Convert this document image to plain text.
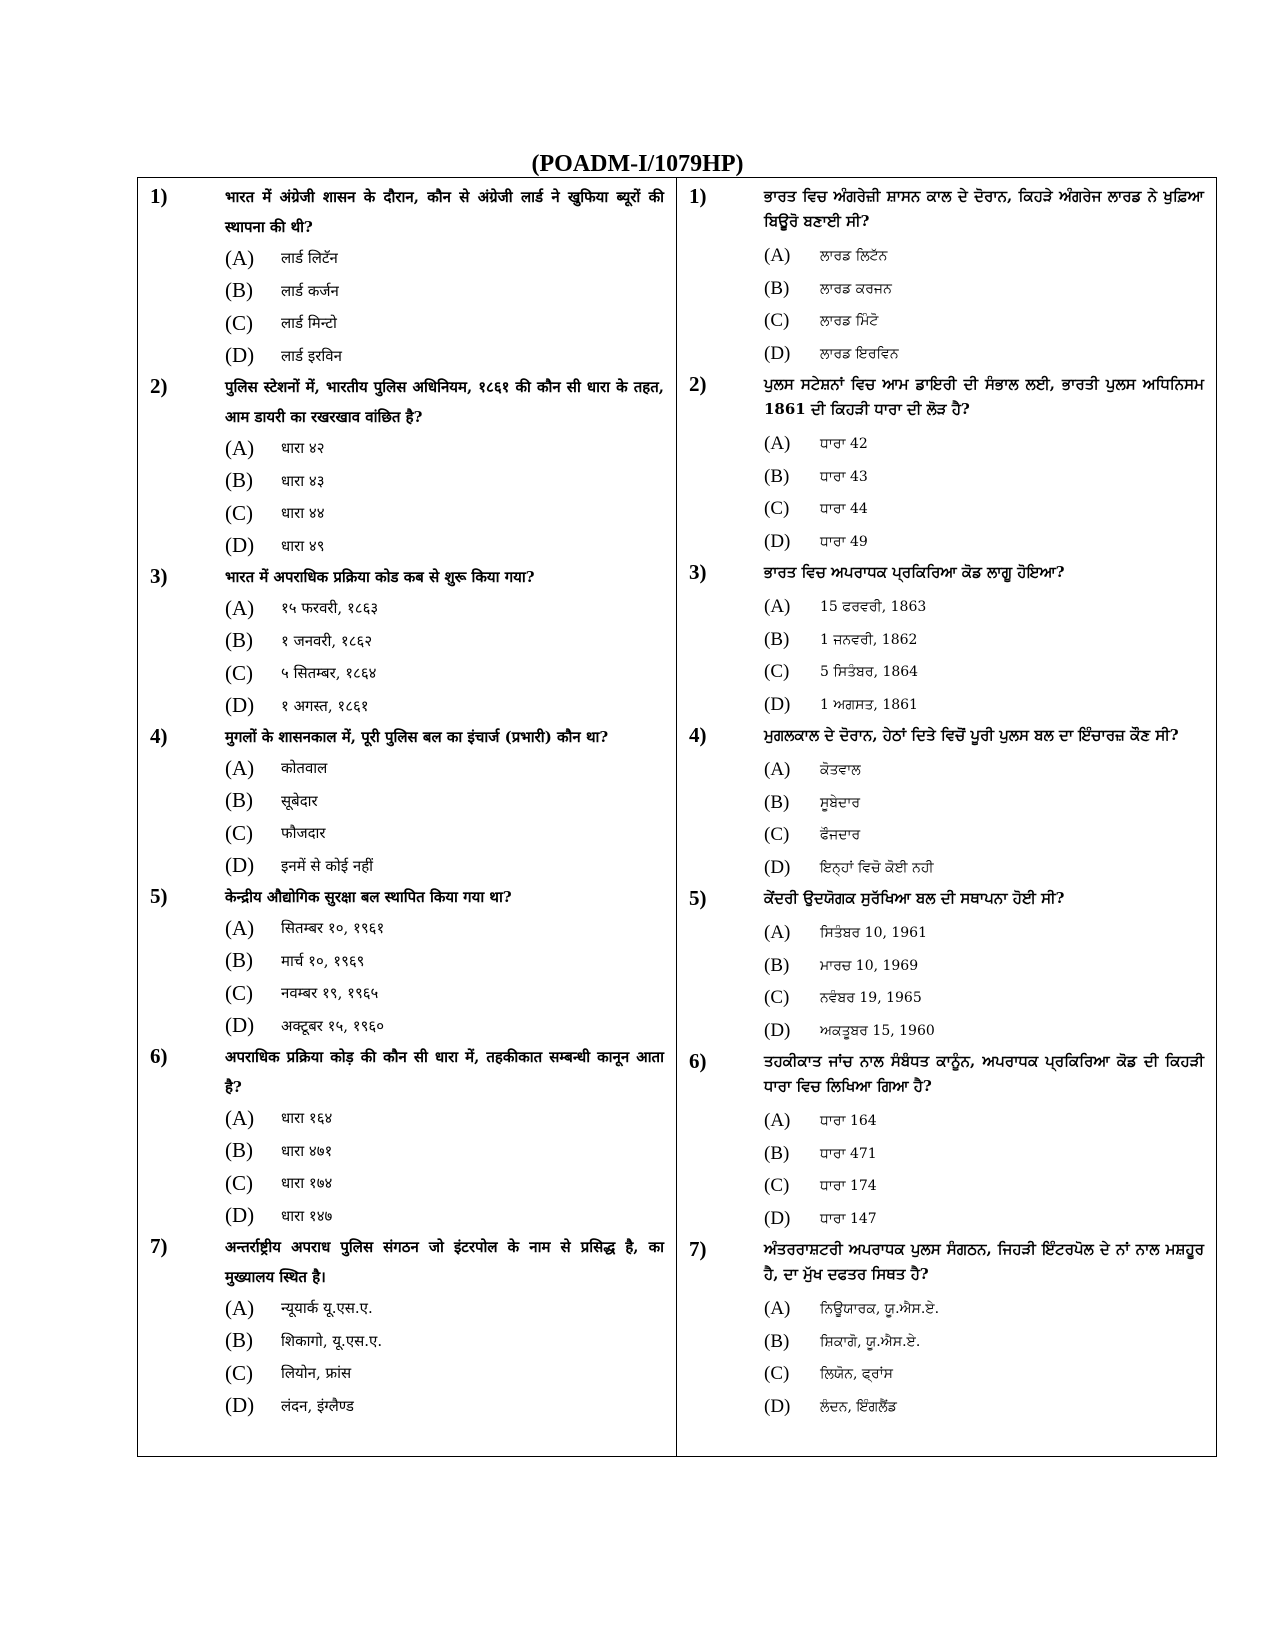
(POADM-I/1079HP)
1)	भारत में अंग्रेजी शासन के दौरान, कौन से अंग्रेजी लार्ड ने खुफिया ब्यूरों की स्थापना की थी?
(A)	लार्ड लिटॅन
(B)	लार्ड कर्जन
(C)	लार्ड मिन्टो
(D)	लार्ड इरविन
2)	पुलिस स्टेशनों में, भारतीय पुलिस अधिनियम, १८६१ की कौन सी धारा के तहत, आम डायरी का रखरखाव वांछित है?
(A)	धारा ४२
(B)	धारा ४३
(C)	धारा ४४
(D)	धारा ४९
3)	भारत में अपराधिक प्रक्रिया कोड कब से शुरू किया गया?
(A)	१५ फरवरी, १८६३
(B)	१ जनवरी, १८६२
(C)	५ सितम्बर, १८६४
(D)	१ अगस्त, १८६१
4)	मुगलों के शासनकाल में, पूरी पुलिस बल का इंचार्ज (प्रभारी) कौन था?
(A)	कोतवाल
(B)	सूबेदार
(C)	फौजदार
(D)	इनमें से कोई नहीं
5)	केन्द्रीय औद्योगिक सुरक्षा बल स्थापित किया गया था?
(A)	सितम्बर १०, १९६१
(B)	मार्च १०, १९६९
(C)	नवम्बर १९, १९६५
(D)	अक्टूबर १५, १९६०
6)	अपराधिक प्रक्रिया कोड़ की कौन सी धारा में, तहकीकात सम्बन्धी कानून आता है?
(A)	धारा १६४
(B)	धारा ४७१
(C)	धारा १७४
(D)	धारा १४७
7)	अन्तर्राष्ट्रीय अपराध पुलिस संगठन जो इंटरपोल के नाम से प्रसिद्ध है, का मुख्यालय स्थित है।
(A)	न्यूयार्क यू.एस.ए.
(B)	शिकागो, यू.एस.ए.
(C)	लियोन, फ्रांस
(D)	लंदन, इंग्लैण्ड
1)	ਭਾਰਤ ਵਿਚ ਅੰਗਰੇਜ਼ੀ ਸ਼ਾਸਨ ਕਾਲ ਦੇ ਦੋਰਾਨ, ਕਿਹੜੇ ਅੰਗਰੇਜ ਲਾਰਡ ਨੇ ਖੁਫ਼ਿਆ ਬਿਊਰੋ ਬਣਾਈ ਸੀ?
(A)	ਲਾਰਡ ਲਿਟੱਨ
(B)	ਲਾਰਡ ਕਰਜਨ
(C)	ਲਾਰਡ ਮਿੰਟੋ
(D)	ਲਾਰਡ ਇਰਵਿਨ
2)	ਪੁਲਸ ਸਟੇਸ਼ਨਾਂ ਵਿਚ ਆਮ ਡਾਇਰੀ ਦੀ ਸੰਭਾਲ ਲਈ, ਭਾਰਤੀ ਪੁਲਸ ਅਧਿਨਿਸਮ 1861 ਦੀ ਕਿਹੜੀ ਧਾਰਾ ਦੀ ਲੋੜ ਹੈ?
(A)	ਧਾਰਾ 42
(B)	ਧਾਰਾ 43
(C)	ਧਾਰਾ 44
(D)	ਧਾਰਾ 49
3)	ਭਾਰਤ ਵਿਚ ਅਪਰਾਧਕ ਪ੍ਰਕਿਰਿਆ ਕੋਡ ਲਾਗੂ ਹੋਇਆ?
(A)	15 ਫਰਵਰੀ, 1863
(B)	1 ਜਨਵਰੀ, 1862
(C)	5 ਸਿਤੰਬਰ, 1864
(D)	1 ਅਗਸਤ, 1861
4)	ਮੁਗਲਕਾਲ ਦੇ ਦੋਰਾਨ, ਹੇਠਾਂ ਦਿਤੇ ਵਿਚੋਂ ਪੂਰੀ ਪੁਲਸ ਬਲ ਦਾ ਇੰਚਾਰਜ਼ ਕੌਣ ਸੀ?
(A)	ਕੋਤਵਾਲ
(B)	ਸੂਬੇਦਾਰ
(C)	ਫੌਜਦਾਰ
(D)	ਇਨ੍ਹਾਂ ਵਿਚੋ ਕੋਈ ਨਹੀ
5)	ਕੇਂਦਰੀ ਉਦਯੋਗਕ ਸੁਰੱਖਿਆ ਬਲ ਦੀ ਸਥਾਪਨਾ ਹੋਈ ਸੀ?
(A)	ਸਿਤੰਬਰ 10, 1961
(B)	ਮਾਰਚ 10, 1969
(C)	ਨਵੰਬਰ 19, 1965
(D)	ਅਕਤੂਬਰ 15, 1960
6)	ਤਹਕੀਕਾਤ ਜਾਂਚ ਨਾਲ ਸੰਬੰਧਤ ਕਾਨੂੰਨ, ਅਪਰਾਧਕ ਪ੍ਰਕਿਰਿਆ ਕੋਡ ਦੀ ਕਿਹੜੀ ਧਾਰਾ ਵਿਚ ਲਿਖਿਆ ਗਿਆ ਹੈ?
(A)	ਧਾਰਾ 164
(B)	ਧਾਰਾ 471
(C)	ਧਾਰਾ 174
(D)	ਧਾਰਾ 147
7)	ਅੰਤਰਰਾਸ਼ਟਰੀ ਅਪਰਾਧਕ ਪੁਲਸ ਸੰਗਠਨ, ਜਿਹੜੀ ਇੰਟਰਪੋਲ ਦੇ ਨਾਂ ਨਾਲ ਮਸ਼ਹੂਰ ਹੈ, ਦਾ ਮੁੱਖ ਦਫਤਰ ਸਿਥਤ ਹੈ?
(A)	ਨਿਊਯਾਰਕ, ਯੂ.ਐਸ.ਏ.
(B)	ਸ਼ਿਕਾਗੋ, ਯੂ.ਐਸ.ਏ.
(C)	ਲਿਯੋਨ, ਫ੍ਰਾਂਸ
(D)	ਲੰਦਨ, ਇੰਗਲੈਂਡ
